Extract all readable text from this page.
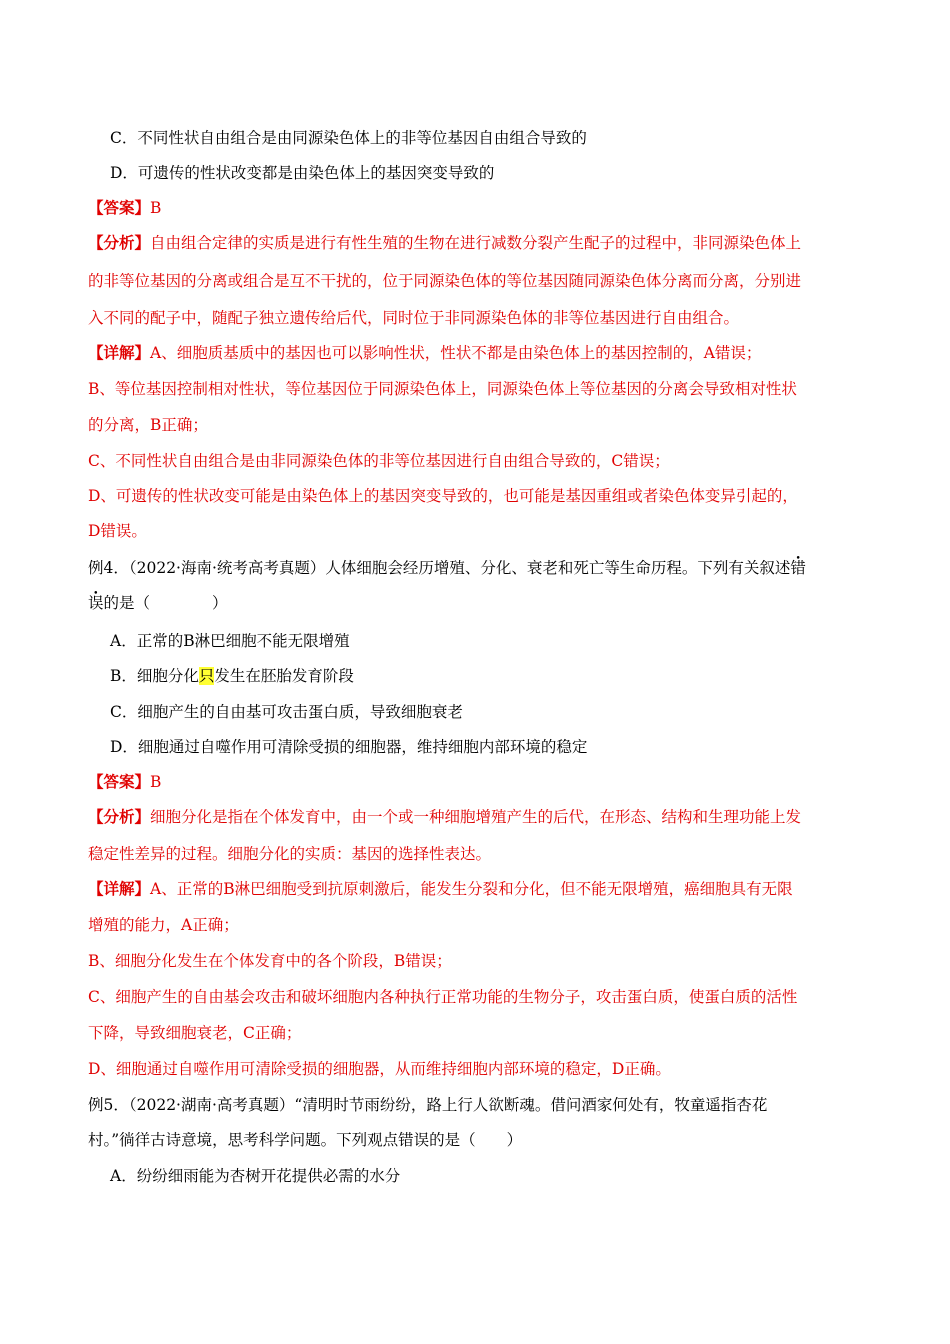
C．不同性状自由组合是由同源染色体上的非等位基因自由组合导致的
D．可遗传的性状改变都是由染色体上的基因突变导致的
【答案】B
【分析】自由组合定律的实质是进行有性生殖的生物在进行减数分裂产生配子的过程中，非同源染色体上
的非等位基因的分离或组合是互不干扰的，位于同源染色体的等位基因随同源染色体分离而分离，分别进
入不同的配子中，随配子独立遗传给后代，同时位于非同源染色体的非等位基因进行自由组合。
【详解】A、细胞质基质中的基因也可以影响性状，性状不都是由染色体上的基因控制的，A错误；
B、等位基因控制相对性状，等位基因位于同源染色体上，同源染色体上等位基因的分离会导致相对性状
的分离，B正确；
C、不同性状自由组合是由非同源染色体的非等位基因进行自由组合导致的，C错误；
D、可遗传的性状改变可能是由染色体上的基因突变导致的，也可能是基因重组或者染色体变异引起的，
D错误。
例4．（2022·海南·统考高考真题）人体细胞会经历增殖、分化、衰老和死亡等生命历程。下列有关叙述错
误的是（　　　　）
A．正常的B淋巴细胞不能无限增殖
B．细胞分化只发生在胚胎发育阶段
C．细胞产生的自由基可攻击蛋白质，导致细胞衰老
D．细胞通过自噬作用可清除受损的细胞器，维持细胞内部环境的稳定
【答案】B
【分析】细胞分化是指在个体发育中，由一个或一种细胞增殖产生的后代，在形态、结构和生理功能上发
稳定性差异的过程。细胞分化的实质：基因的选择性表达。
【详解】A、正常的B淋巴细胞受到抗原刺激后，能发生分裂和分化，但不能无限增殖，癌细胞具有无限
增殖的能力，A正确；
B、细胞分化发生在个体发育中的各个阶段，B错误；
C、细胞产生的自由基会攻击和破坏细胞内各种执行正常功能的生物分子，攻击蛋白质，使蛋白质的活性
下降，导致细胞衰老，C正确；
D、细胞通过自噬作用可清除受损的细胞器，从而维持细胞内部环境的稳定，D正确。
例5．（2022·湖南·高考真题）“清明时节雨纷纷，路上行人欲断魂。借问酒家何处有，牧童遥指杏花
村。”徜徉古诗意境，思考科学问题。下列观点错误的是（　　）
A．纷纷细雨能为杏树开花提供必需的水分
